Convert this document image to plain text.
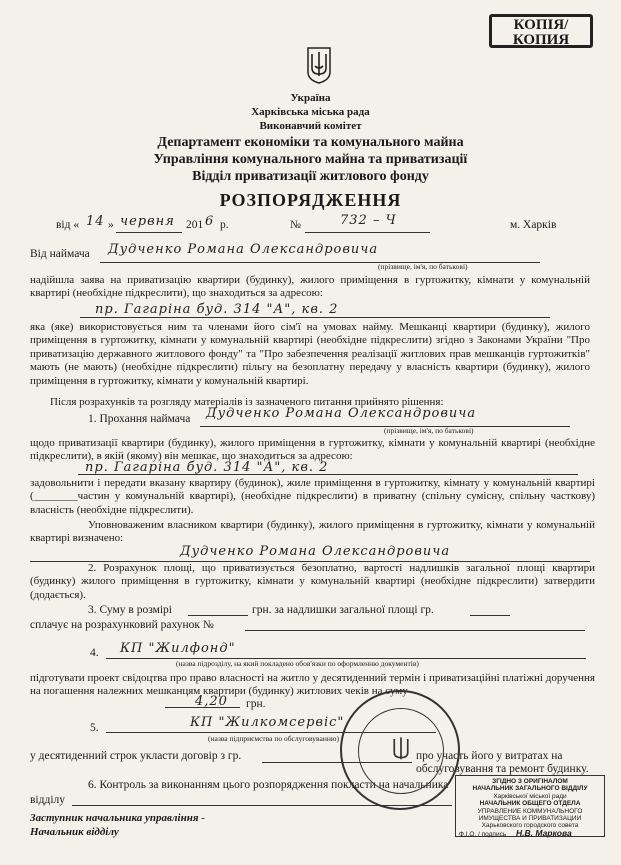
КОПІЯ/
КОПИЯ
Україна
Харківська міська рада
Виконавчий комітет
Департамент економіки та комунального майна
Управління комунального майна та приватизації
Відділ приватизації житлового фонду
РОЗПОРЯДЖЕННЯ
від « 14 » червня 201 6 р.	№	732 – Ч	м. Харків
Від наймача Дудченко Романа Олександровича
(прізвище, ім'я, по батькові)
надійшла заява на приватизацію квартири (будинку), жилого приміщення в гуртожитку, кімнати у комунальній квартирі (необхідне підкреслити), що знаходиться за адресою:
пр. Гагаріна буд. 314 "А", кв. 2
яка (яке) використовується ним та членами його сім'ї на умовах найму. Мешканці квартири (будинку), жилого приміщення в гуртожитку, кімнати у комунальній квартирі (необхідне підкреслити) згідно з Законами України "Про приватизацію державного житлового фонду" та "Про забезпечення реалізації житлових прав мешканців гуртожитків" мають (не мають) (необхідне підкреслити) пільгу на безоплатну передачу у власність квартири (будинку), жилого приміщення в гуртожитку, кімнати у комунальній квартирі.
Після розрахунків та розгляду матеріалів із зазначеного питання прийнято рішення:
1. Прохання наймача Дудченко Романа Олександровича
(прізвище, ім'я, по батькові)
щодо приватизації квартири (будинку), жилого приміщення в гуртожитку, кімнати у комунальній квартирі (необхідне підкреслити), в якій (якому) він мешкає, що знаходиться за адресою:
пр. Гагаріна буд. 314 "А", кв. 2
задовольнити і передати вказану квартиру (будинок), жиле приміщення в гуртожитку, кімнату у комунальній квартирі (________частин у комунальній квартирі), (необхідне підкреслити) в приватну (спільну сумісну, спільну часткову) власність (необхідне підкреслити).
Уповноваженим власником квартири (будинку), жилого приміщення в гуртожитку, кімнати у комунальній квартирі визначено:
Дудченко Романа Олександровича
2. Розрахунок площі, що приватизується безоплатно, вартості надлишків загальної площі квартири (будинку) жилого приміщення в гуртожитку, кімнати у комунальній квартирі (необхідне підкреслити) затвердити (додається).
3. Суму в розмірі	грн. за надлишки загальної площі гр.
сплачує на розрахунковий рахунок №
4. КП "Жилфонд"
(назва підрозділу, на який покладено обов'язки по оформленню документів)
підготувати проект свідоцтва про право власності на житло у десятиденний термін і приватизаційні платіжні доручення на погашення належних мешканцям квартири (будинку) житлових чеків на суму
4,20 грн.
5.	КП "Жилкомсервіс"
(назва підприємства по обслуговуванню)
у десятиденний строк укласти договір з гр.	про участь його у витратах на обслуговування та ремонт будинку.
6. Контроль за виконанням цього розпорядження покласти на начальника
відділу
Заступник начальника управління -
Начальник відділу
ЗГІДНО З ОРИГІНАЛОМ
НАЧАЛЬНИК ЗАГАЛЬНОГО ВІДДІЛУ
Харківської міської ради
НАЧАЛЬНИК ОБЩЕГО ОТДЕЛА
УПРАВЛЕНИЕ КОММУНАЛЬНОГО ИМУЩЕСТВА И ПРИВАТИЗАЦИИ
Харьковского городского совета
Ф.І.О. / подпись Н.В. Маркова
